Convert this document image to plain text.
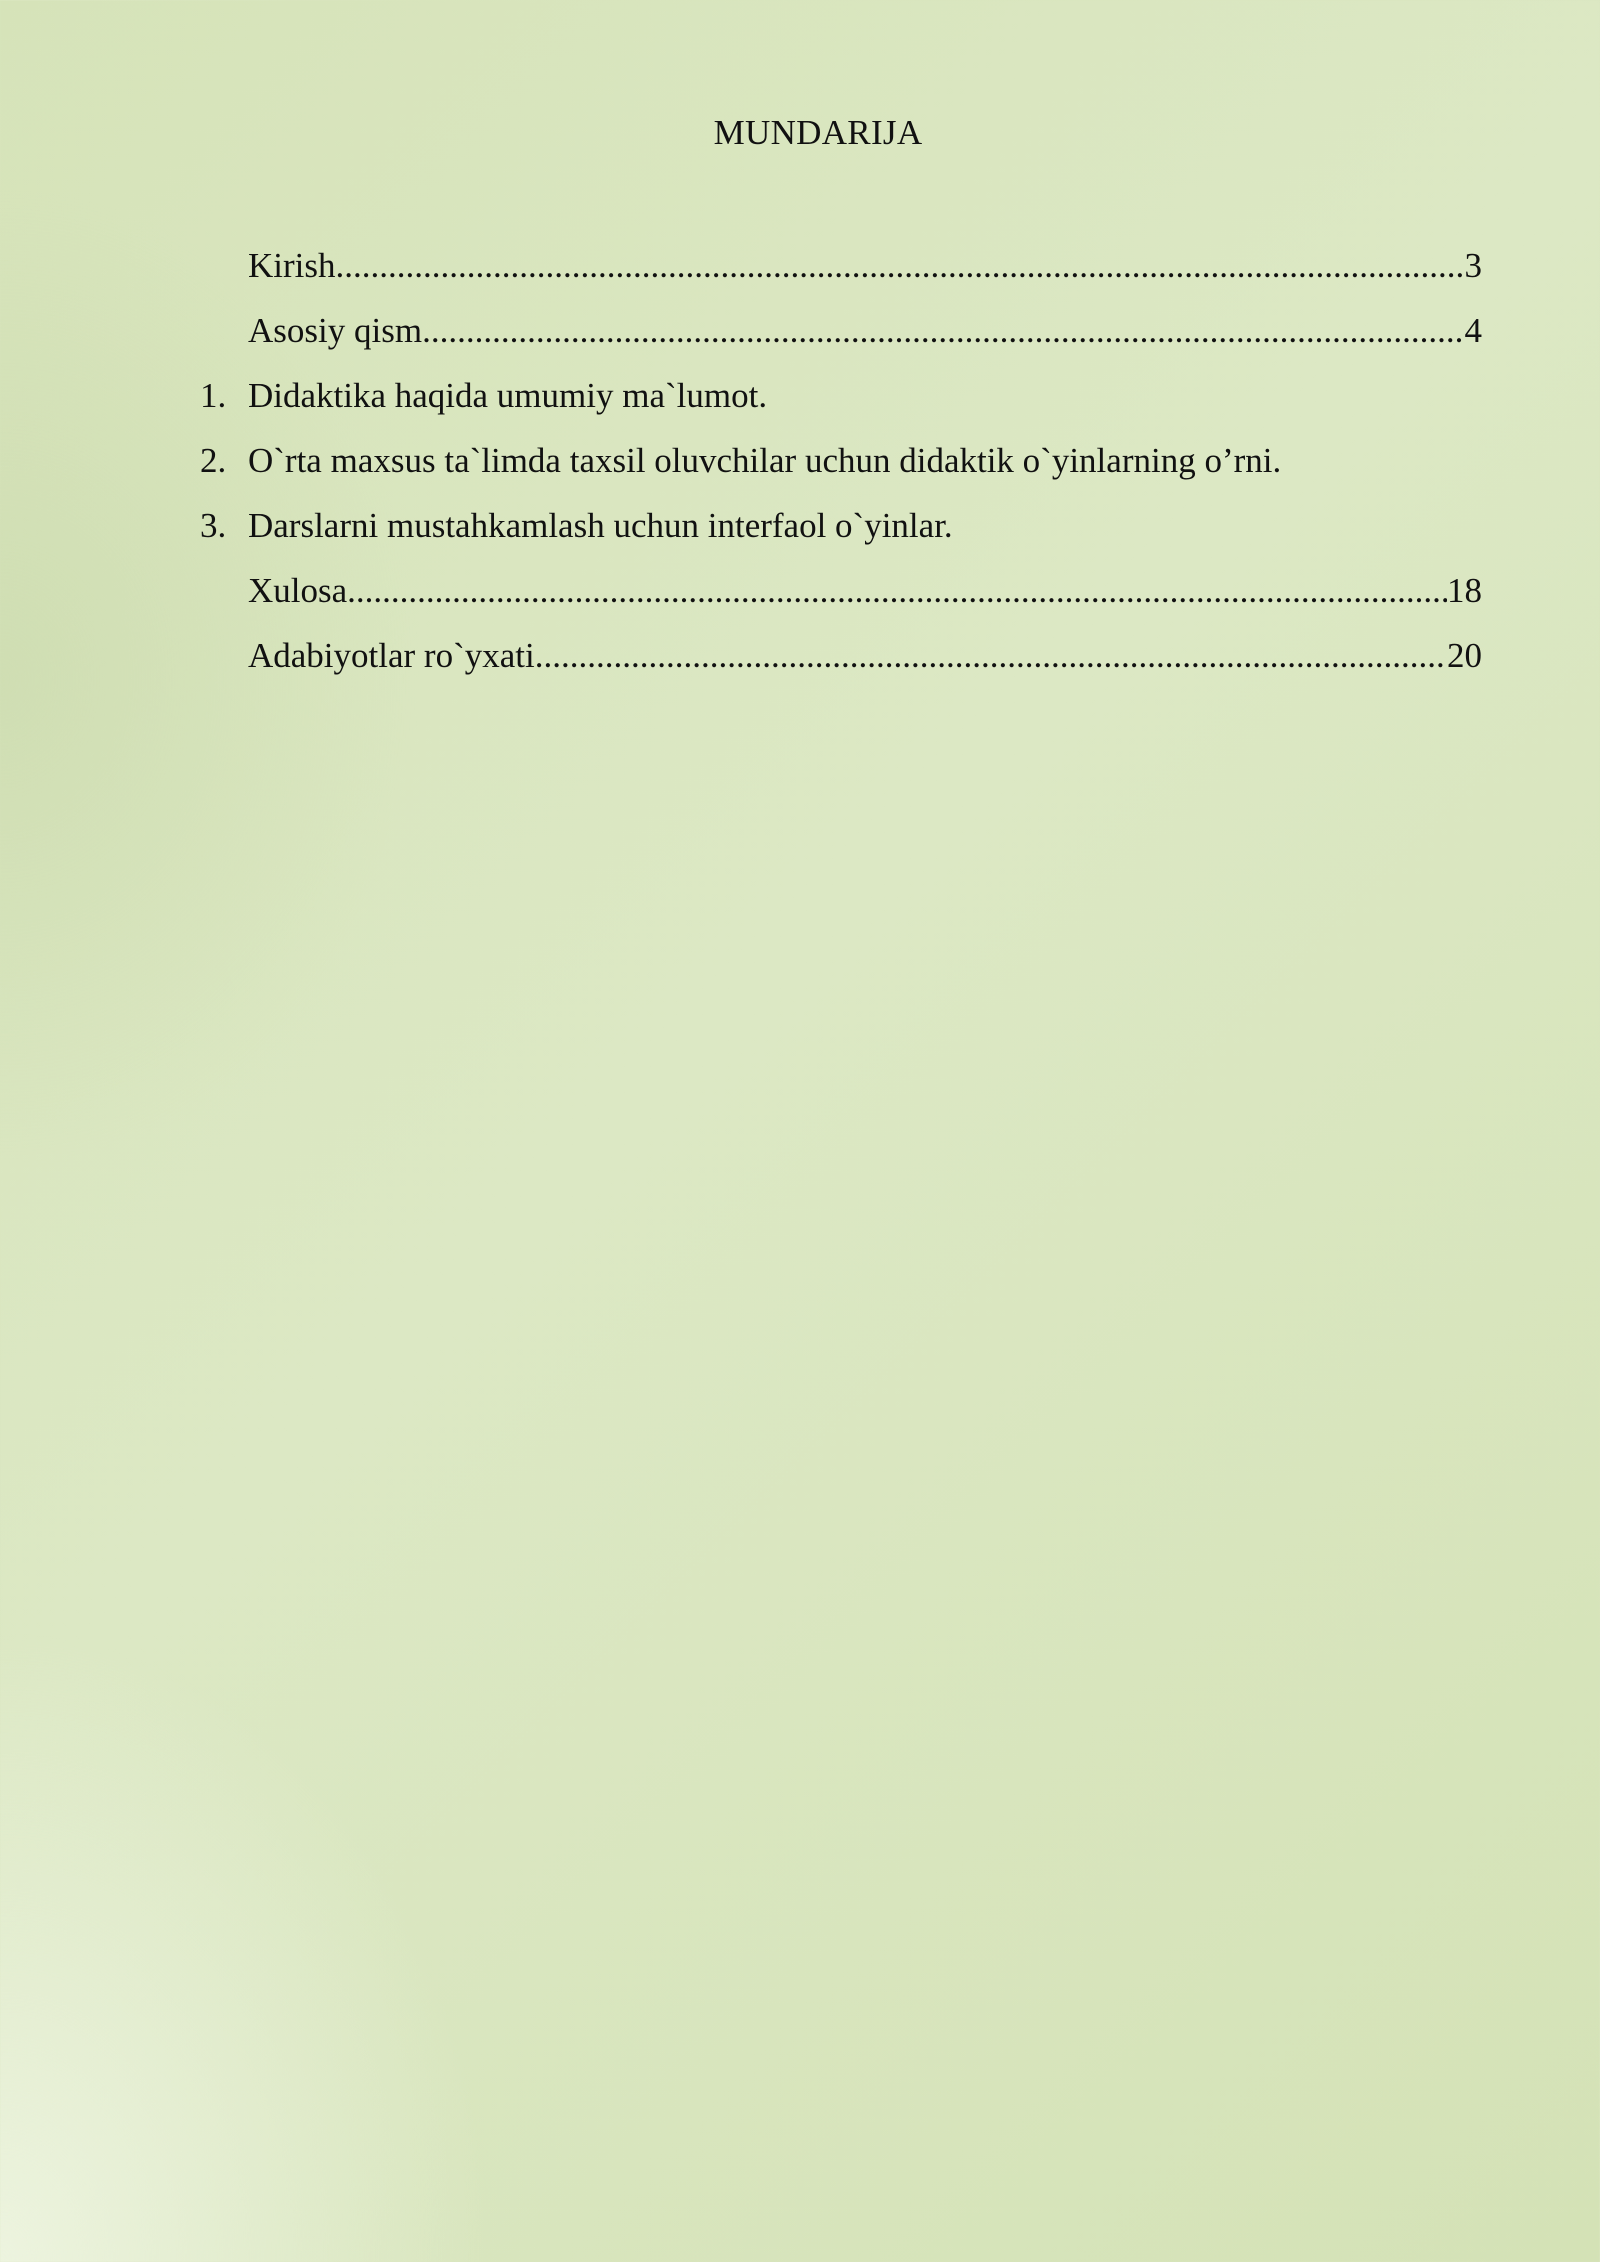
MUNDARIJA
Kirish .....	3
Asosiy qism .....	4
1. Didaktika haqida umumiy ma`lumot.
2. O`rta maxsus ta`limda taxsil oluvchilar uchun didaktik o`yinlarning o’rni.
3. Darslarni mustahkamlash uchun interfaol o`yinlar.
Xulosa .....	18
Adabiyotlar ro`yxati .....	20
